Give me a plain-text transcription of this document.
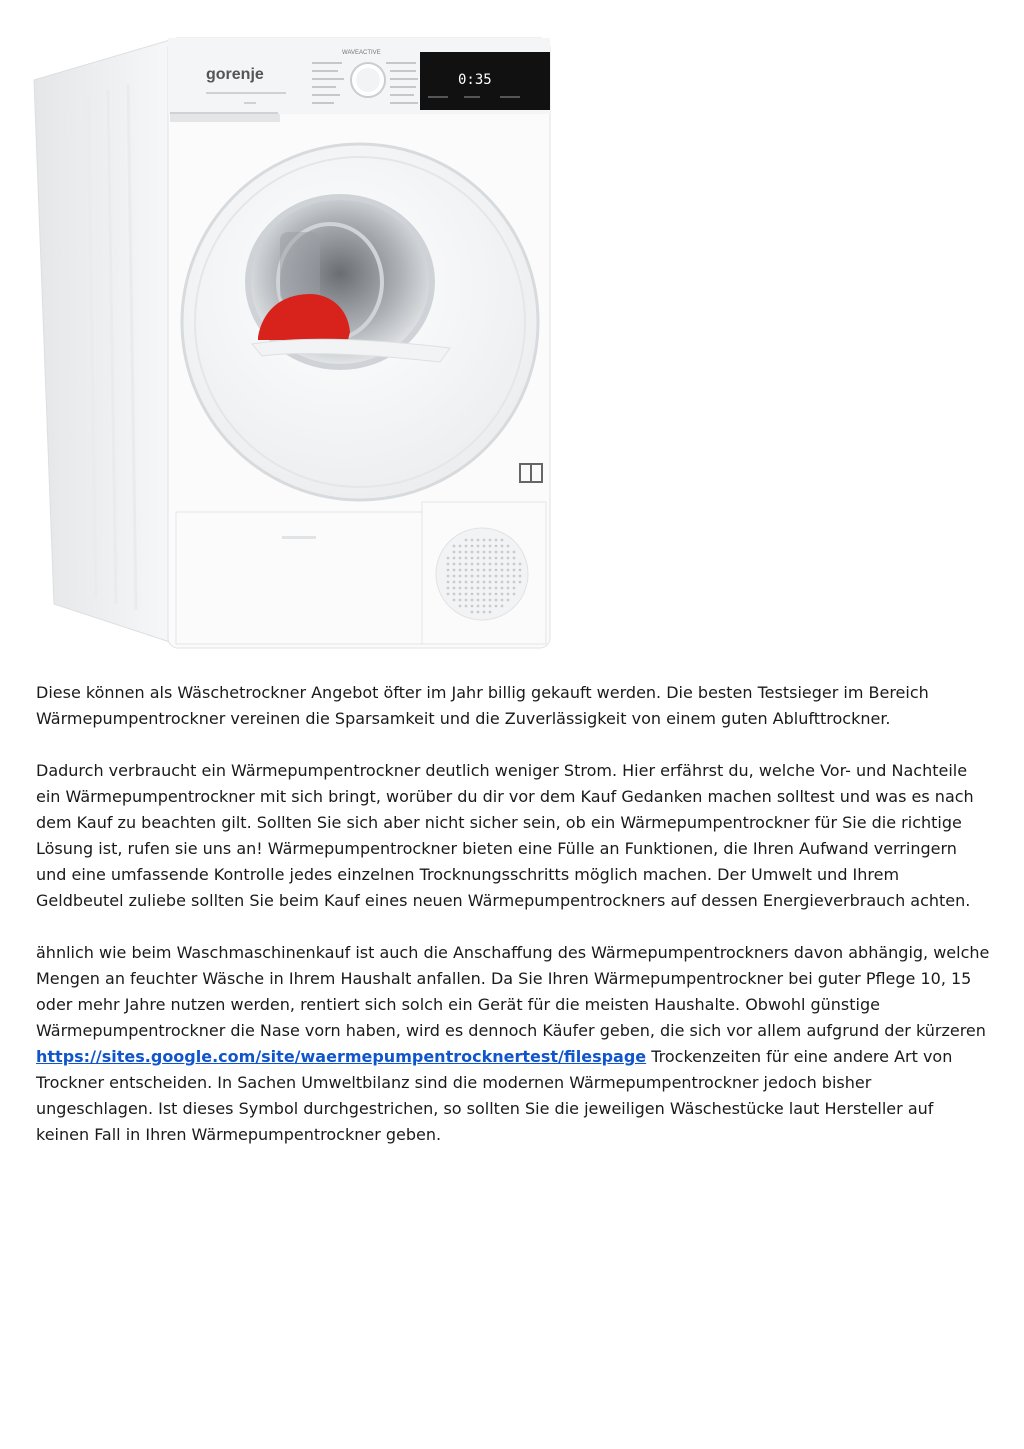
gorenje
WAVEACTIVE
0:35

Diese können als Wäschetrockner Angebot öfter im Jahr billig gekauft werden. Die besten Testsieger im Bereich Wärmepumpentrockner vereinen die Sparsamkeit und die Zuverlässigkeit von einem guten Ablufttrockner.

Dadurch verbraucht ein Wärmepumpentrockner deutlich weniger Strom. Hier erfährst du, welche Vor- und Nachteile ein Wärmepumpentrockner mit sich bringt, worüber du dir vor dem Kauf Gedanken machen solltest und was es nach dem Kauf zu beachten gilt. Sollten Sie sich aber nicht sicher sein, ob ein Wärmepumpentrockner für Sie die richtige Lösung ist, rufen sie uns an! Wärmepumpentrockner bieten eine Fülle an Funktionen, die Ihren Aufwand verringern und eine umfassende Kontrolle jedes einzelnen Trocknungsschritts möglich machen. Der Umwelt und Ihrem Geldbeutel zuliebe sollten Sie beim Kauf eines neuen Wärmepumpentrockners auf dessen Energieverbrauch achten.

ähnlich wie beim Waschmaschinenkauf ist auch die Anschaffung des Wärmepumpentrockners davon abhängig, welche Mengen an feuchter Wäsche in Ihrem Haushalt anfallen. Da Sie Ihren Wärmepumpentrockner bei guter Pflege 10, 15 oder mehr Jahre nutzen werden, rentiert sich solch ein Gerät für die meisten Haushalte. Obwohl günstige Wärmepumpentrockner die Nase vorn haben, wird es dennoch Käufer geben, die sich vor allem aufgrund der kürzeren https://sites.google.com/site/waermepumpentrocknertest/filespage Trockenzeiten für eine andere Art von Trockner entscheiden. In Sachen Umweltbilanz sind die modernen Wärmepumpentrockner jedoch bisher ungeschlagen. Ist dieses Symbol durchgestrichen, so sollten Sie die jeweiligen Wäschestücke laut Hersteller auf keinen Fall in Ihren Wärmepumpentrockner geben.
